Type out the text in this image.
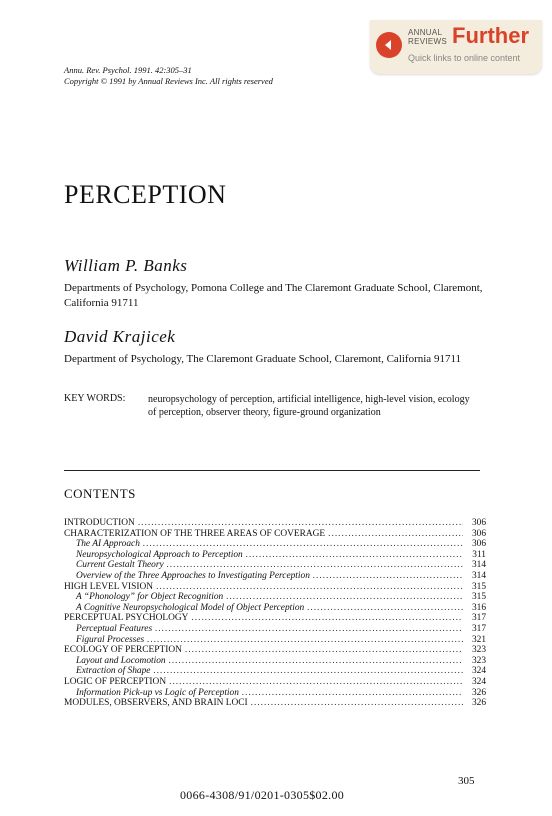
ANNUAL
REVIEWS Further
Quick links to online content
Annu. Rev. Psychol. 1991. 42:305–31
Copyright © 1991 by Annual Reviews Inc. All rights reserved
PERCEPTION
William P. Banks
Departments of Psychology, Pomona College and The Claremont Graduate School, Claremont, California 91711
David Krajicek
Department of Psychology, The Claremont Graduate School, Claremont, California 91711
KEY WORDS: neuropsychology of perception, artificial intelligence, high-level vision, ecology of perception, observer theory, figure-ground organization
CONTENTS
INTRODUCTION .....	306
CHARACTERIZATION OF THE THREE AREAS OF COVERAGE .....	306
The AI Approach .....	306
Neuropsychological Approach to Perception .....	311
Current Gestalt Theory .....	314
Overview of the Three Approaches to Investigating Perception .....	314
HIGH LEVEL VISION .....	315
A “Phonology” for Object Recognition .....	315
A Cognitive Neuropsychological Model of Object Perception .....	316
PERCEPTUAL PSYCHOLOGY .....	317
Perceptual Features .....	317
Figural Processes .....	321
ECOLOGY OF PERCEPTION .....	323
Layout and Locomotion .....	323
Extraction of Shape .....	324
LOGIC OF PERCEPTION .....	324
Information Pick-up vs Logic of Perception .....	326
MODULES, OBSERVERS, AND BRAIN LOCI .....	326
305
0066-4308/91/0201-0305$02.00
